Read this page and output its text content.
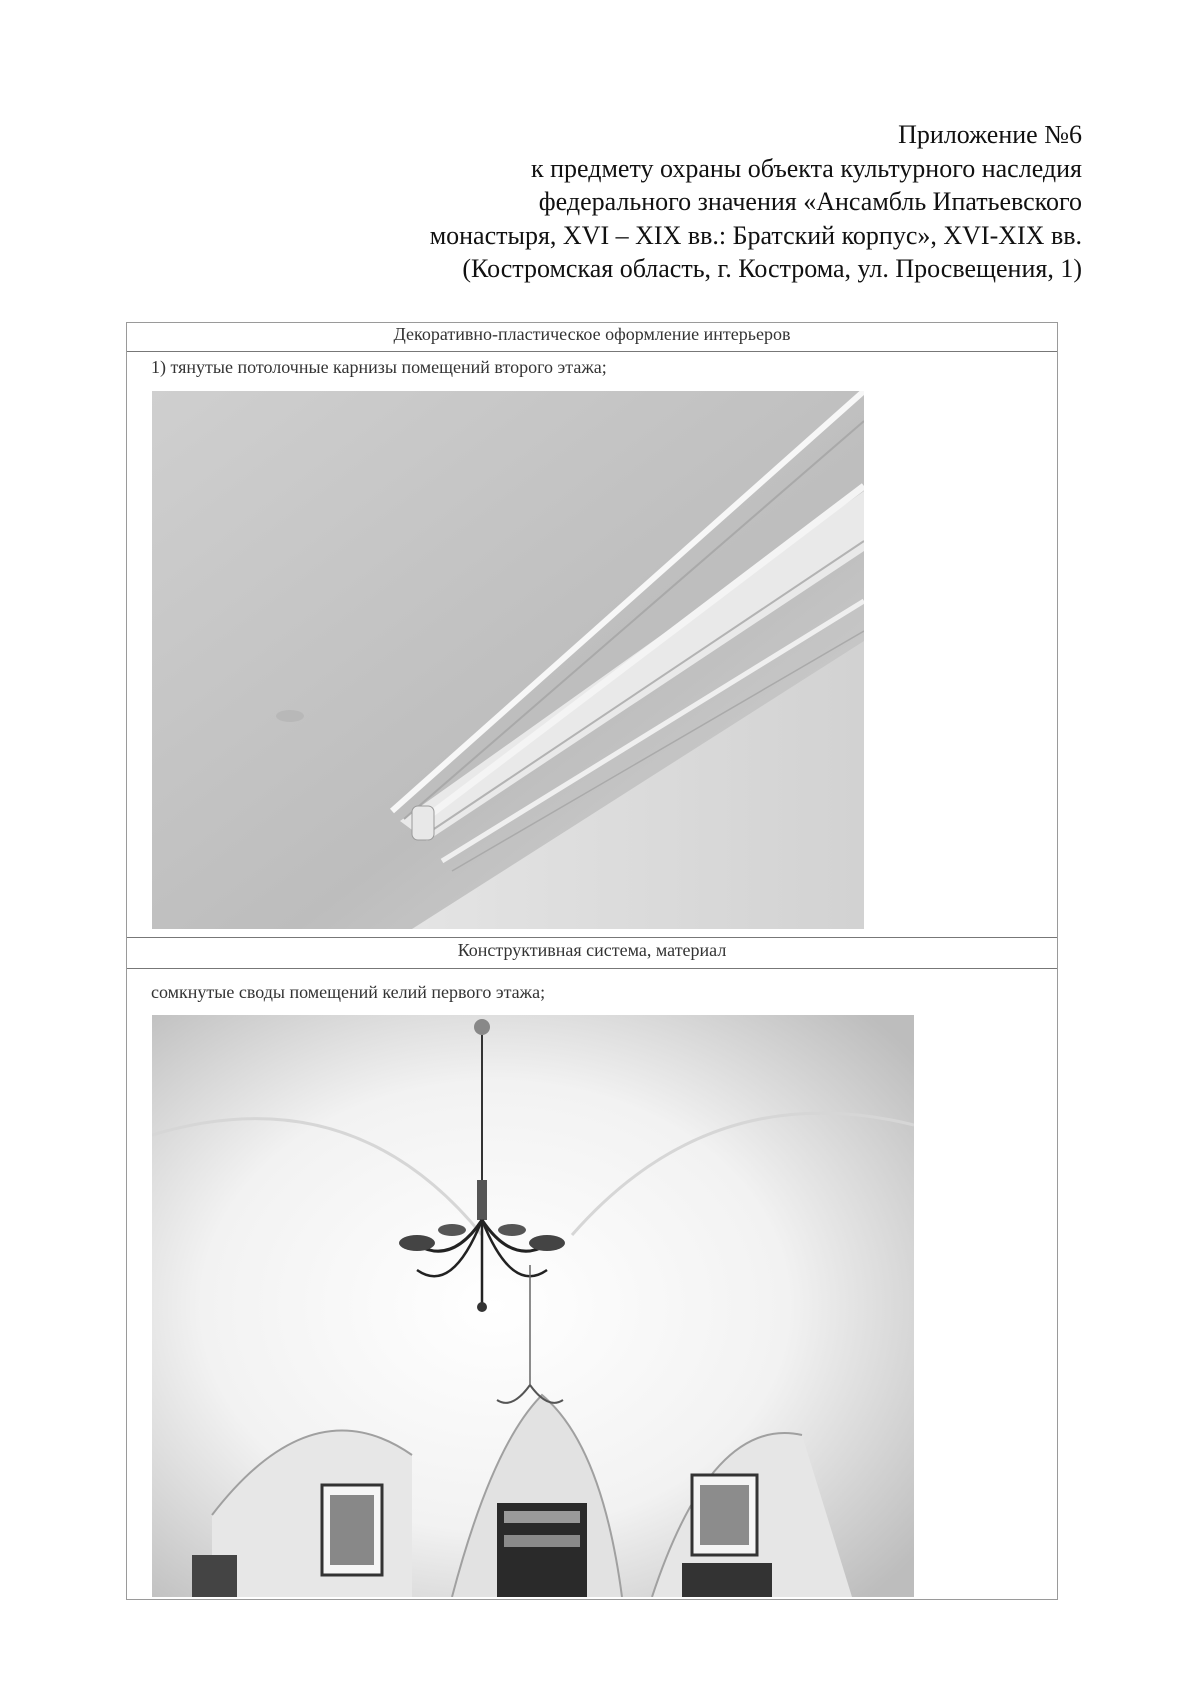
Приложение №6
к предмету охраны объекта культурного наследия
федерального значения «Ансамбль Ипатьевского
монастыря, XVI – XIX вв.: Братский корпус», XVI-XIX вв.
(Костромская область, г. Кострома, ул. Просвещения, 1)
Декоративно-пластическое оформление интерьеров
1) тянутые потолочные карнизы помещений второго этажа;
Конструктивная система, материал
сомкнутые своды помещений келий первого этажа;
